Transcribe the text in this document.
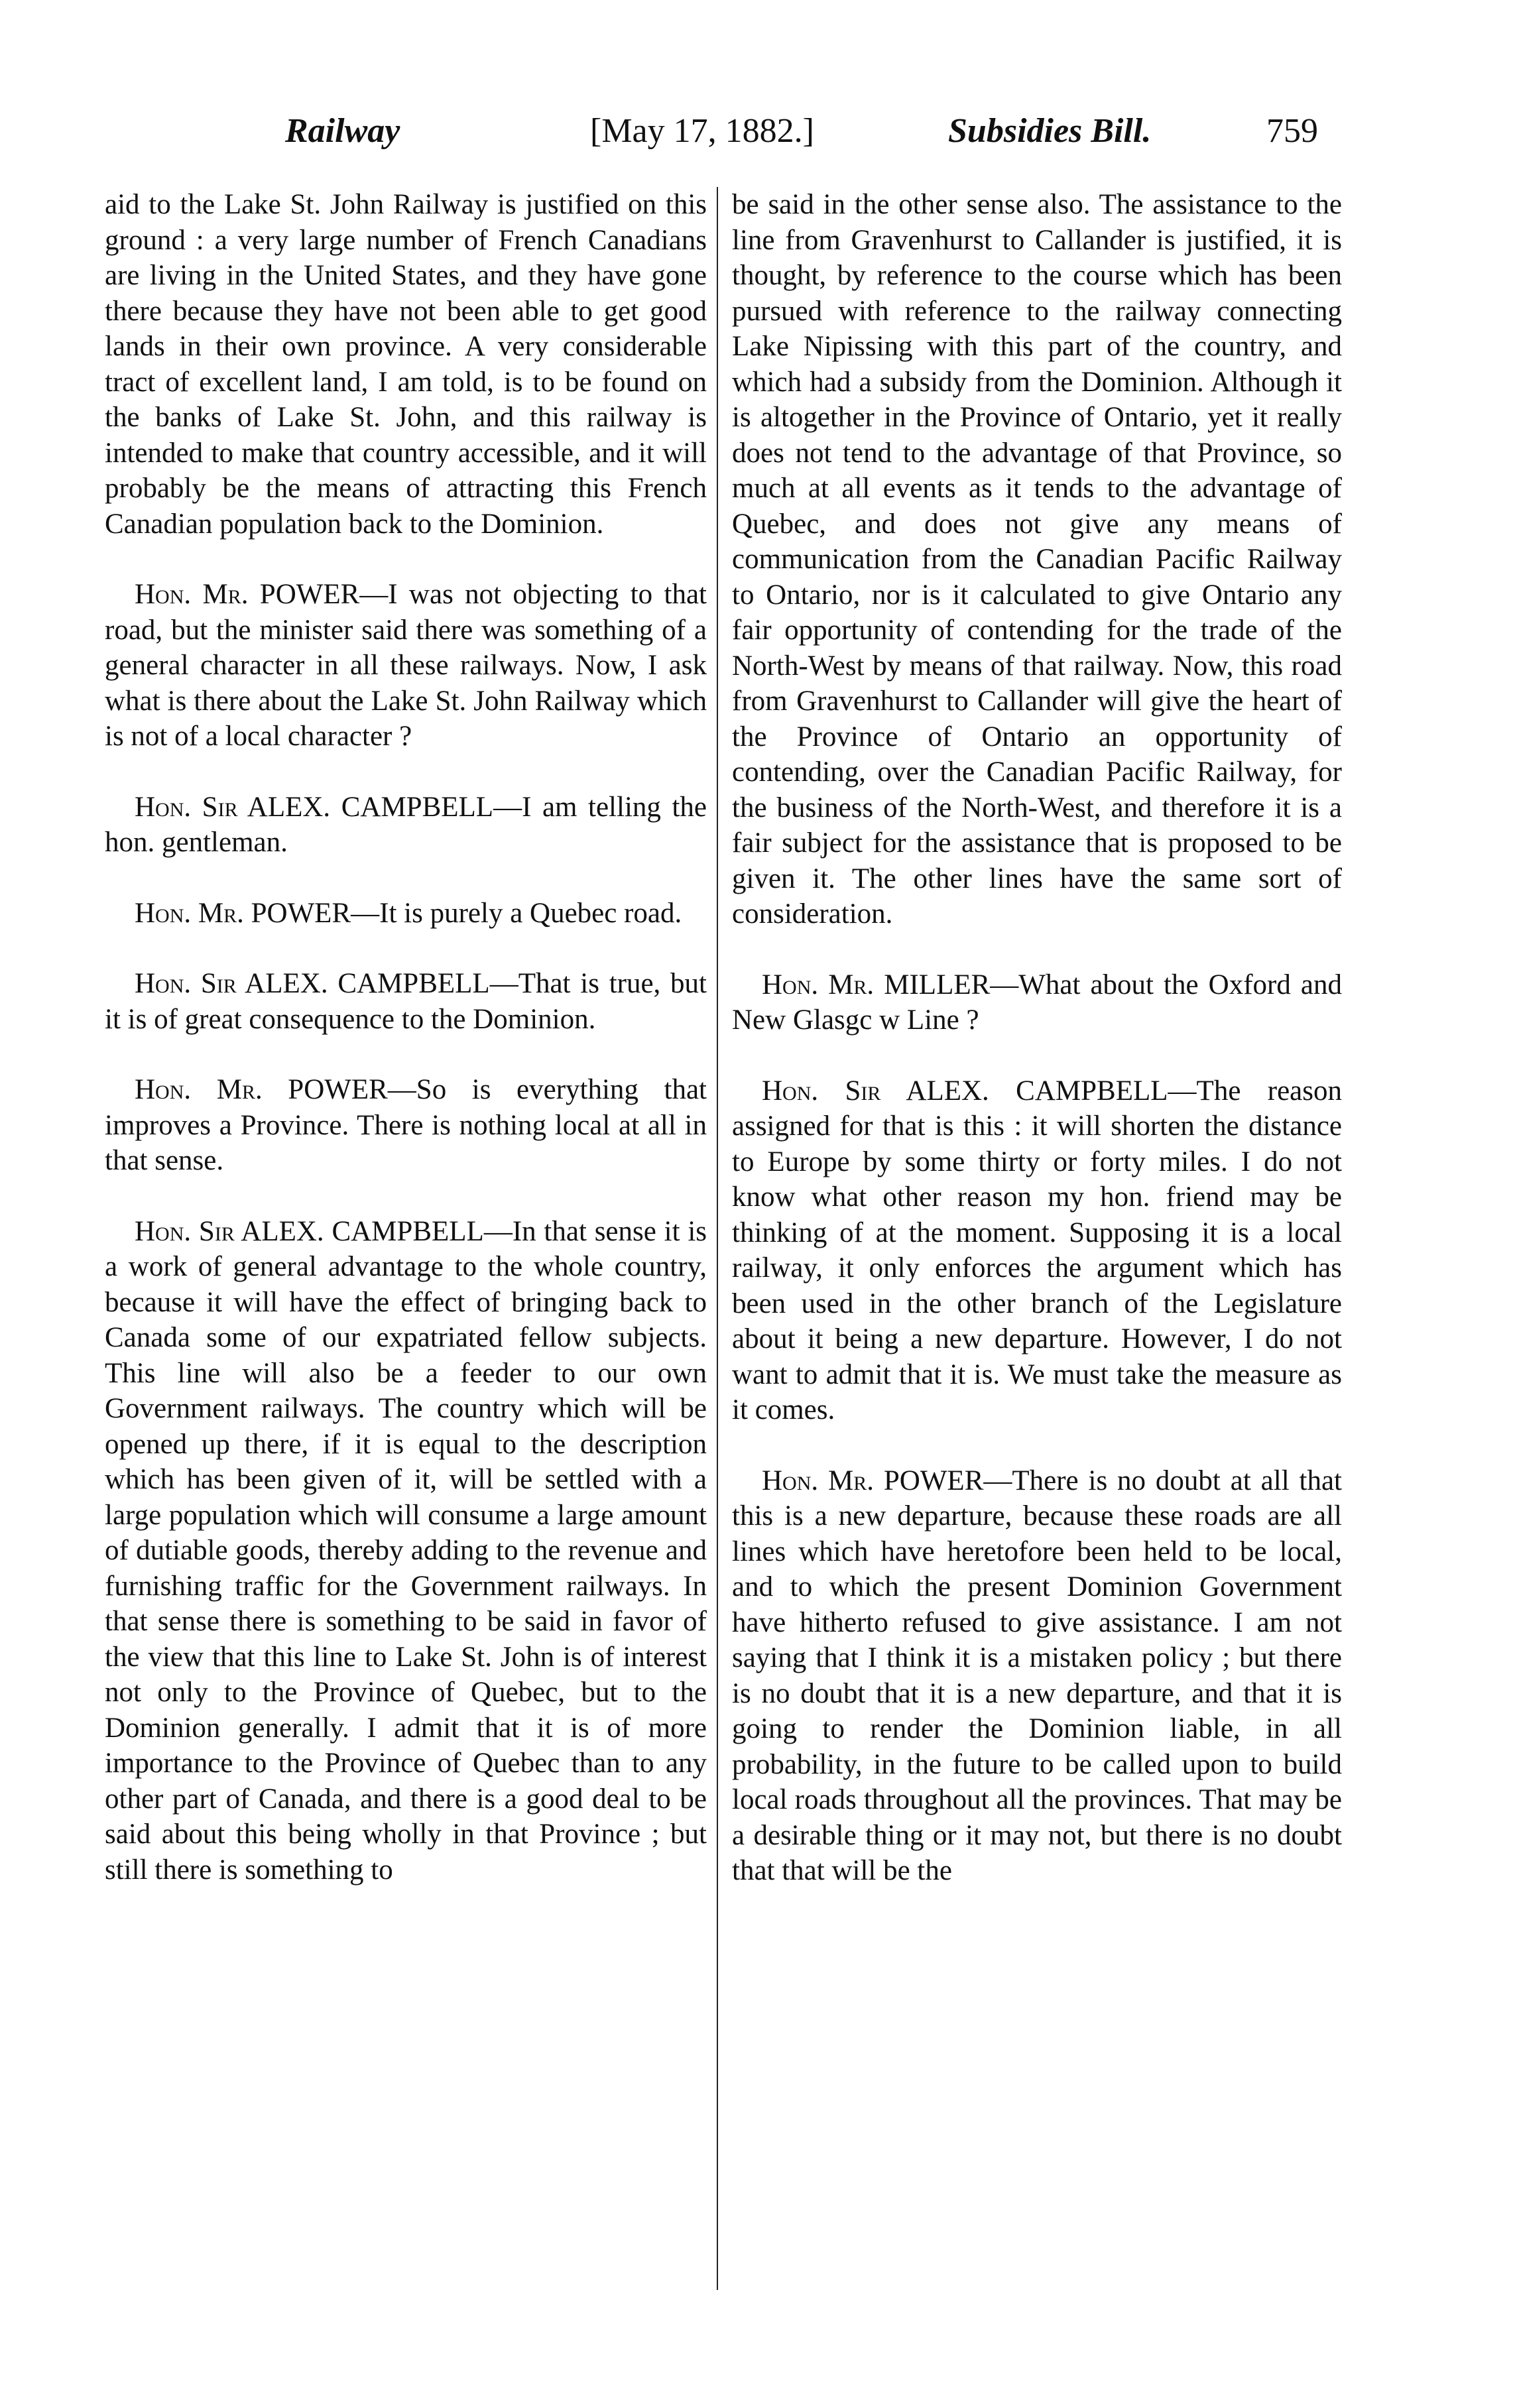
Railway	[May 17, 1882.]	Subsidies Bill.	759

aid to the Lake St. John Railway is justified on this ground : a very large number of French Canadians are living in the United States, and they have gone there because they have not been able to get good lands in their own province. A very considerable tract of excellent land, I am told, is to be found on the banks of Lake St. John, and this railway is intended to make that country accessible, and it will probably be the means of attracting this French Canadian population back to the Dominion.

Hon. Mr. POWER—I was not objecting to that road, but the minister said there was something of a general character in all these railways. Now, I ask what is there about the Lake St. John Railway which is not of a local character ?

Hon. Sir ALEX. CAMPBELL—I am telling the hon. gentleman.

Hon. Mr. POWER—It is purely a Quebec road.

Hon. Sir ALEX. CAMPBELL—That is true, but it is of great consequence to the Dominion.

Hon. Mr. POWER—So is everything that improves a Province. There is nothing local at all in that sense.

Hon. Sir ALEX. CAMPBELL—In that sense it is a work of general advantage to the whole country, because it will have the effect of bringing back to Canada some of our expatriated fellow subjects. This line will also be a feeder to our own Government railways. The country which will be opened up there, if it is equal to the description which has been given of it, will be settled with a large population which will consume a large amount of dutiable goods, thereby adding to the revenue and furnishing traffic for the Government railways. In that sense there is something to be said in favor of the view that this line to Lake St. John is of interest not only to the Province of Quebec, but to the Dominion generally. I admit that it is of more importance to the Province of Quebec than to any other part of Canada, and there is a good deal to be said about this being wholly in that Province ; but still there is something to

be said in the other sense also. The assistance to the line from Gravenhurst to Callander is justified, it is thought, by reference to the course which has been pursued with reference to the railway connecting Lake Nipissing with this part of the country, and which had a subsidy from the Dominion. Although it is altogether in the Province of Ontario, yet it really does not tend to the advantage of that Province, so much at all events as it tends to the advantage of Quebec, and does not give any means of communication from the Canadian Pacific Railway to Ontario, nor is it calculated to give Ontario any fair opportunity of contending for the trade of the North-West by means of that railway. Now, this road from Gravenhurst to Callander will give the heart of the Province of Ontario an opportunity of contending, over the Canadian Pacific Railway, for the business of the North-West, and therefore it is a fair subject for the assistance that is proposed to be given it. The other lines have the same sort of consideration.

Hon. Mr. MILLER—What about the Oxford and New Glasgc w Line ?

Hon. Sir ALEX. CAMPBELL—The reason assigned for that is this : it will shorten the distance to Europe by some thirty or forty miles. I do not know what other reason my hon. friend may be thinking of at the moment. Supposing it is a local railway, it only enforces the argument which has been used in the other branch of the Legislature about it being a new departure. However, I do not want to admit that it is. We must take the measure as it comes.

Hon. Mr. POWER—There is no doubt at all that this is a new departure, because these roads are all lines which have heretofore been held to be local, and to which the present Dominion Government have hitherto refused to give assistance. I am not saying that I think it is a mistaken policy ; but there is no doubt that it is a new departure, and that it is going to render the Dominion liable, in all probability, in the future to be called upon to build local roads throughout all the provinces. That may be a desirable thing or it may not, but there is no doubt that that will be the
